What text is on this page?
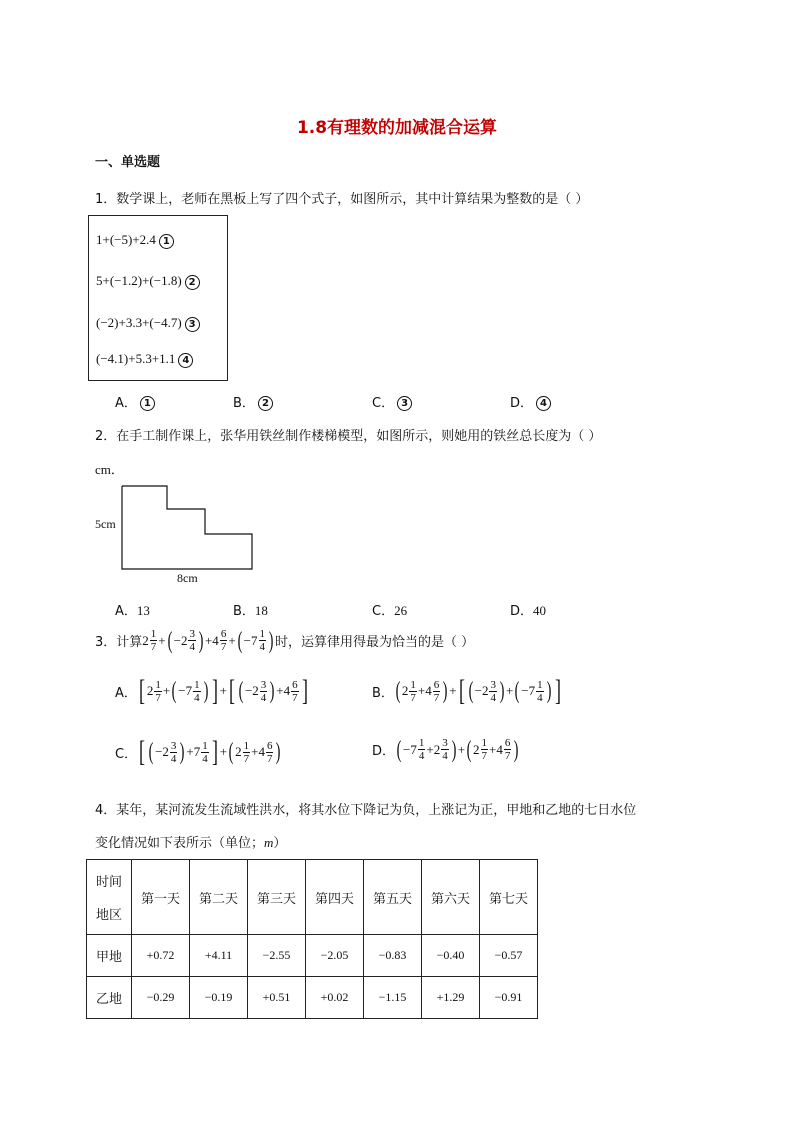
1.8有理数的加减混合运算
一、单选题
1．数学课上，老师在黑板上写了四个式子，如图所示，其中计算结果为整数的是（ ）
1+(−5)+2.4 1
5+(−1.2)+(−1.8) 2
(−2)+3.3+(−4.7) 3
(−4.1)+5.3+1.1 4
A． 1	B． 2	C． 3	D． 4
2．在手工制作课上，张华用铁丝制作楼梯模型，如图所示，则她用的铁丝总长度为（ ）
cm．
5cm
8cm
A．13	B．18	C．26	D．40
3．计算 $2 \frac{1}{7}$ + ( $-2 \frac{3}{4}$ ) $+4 \frac{6}{7}$ + ( $-7 \frac{1}{4}$ ) 时，运算律用得最为恰当的是（ ）
A． [ $2 \frac{1}{7}$ + ( $-7 \frac{1}{4}$ ) ] + [ ( $-2 \frac{3}{4}$ ) $+4 \frac{6}{7}$ ]	B． ( $2 \frac{1}{7} +4 \frac{6}{7}$ ) + [ ( $-2 \frac{3}{4}$ ) + ( $-7 \frac{1}{4}$ ) ]
C． [ ( $-2 \frac{3}{4}$ ) $+7 \frac{1}{4}$ ] + ( $2 \frac{1}{7} +4 \frac{6}{7}$ )	D． ( $-7 \frac{1}{4} +2 \frac{3}{4}$ ) + ( $2 \frac{1}{7} +4 \frac{6}{7}$ )
4．某年，某河流发生流域性洪水，将其水位下降记为负，上涨记为正，甲地和乙地的七日水位
变化情况如下表所示（单位；m）
时间
地区	第一天	第二天	第三天	第四天	第五天	第六天	第七天
甲地	+0.72	+4.11	−2.55	−2.05	−0.83	−0.40	−0.57
乙地	−0.29	−0.19	+0.51	+0.02	−1.15	+1.29	−0.91
